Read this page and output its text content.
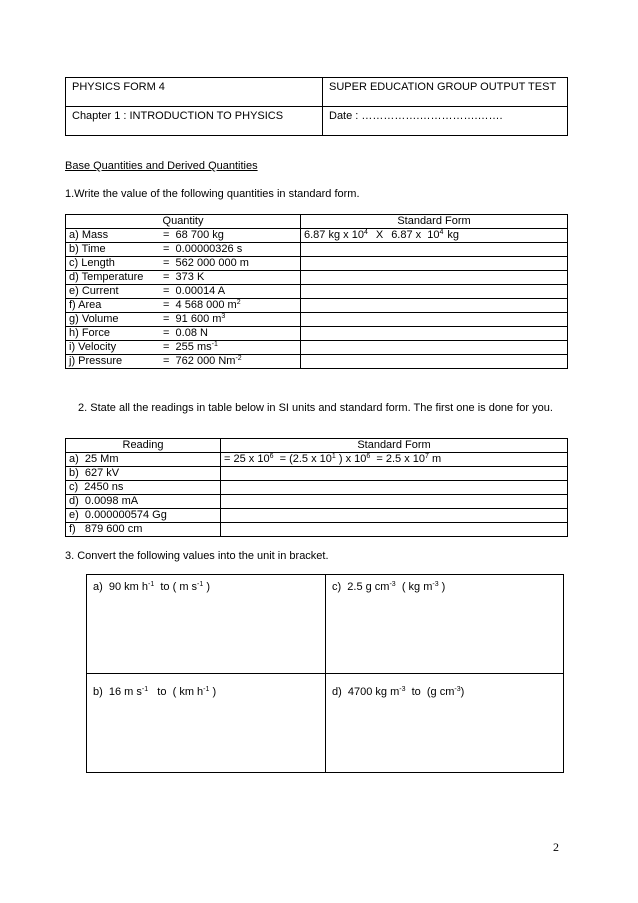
PHYSICS FORM 4	SUPER EDUCATION GROUP OUTPUT TEST
Chapter 1 : INTRODUCTION TO PHYSICS	Date : …………….…………….…….
Base Quantities and Derived Quantities
1.Write the value of the following quantities in standard form.
Quantity	Standard Form
a) Mass =  68 700 kg	6.87 kg x $10^4$ X 6.87 x  $10^4$ kg
b) Time =  0.00000326 s	
c) Length =  562 000 000 m	
d) Temperature =  373 K	
e) Current =  0.00014 A	
f) Area =  4 568 000 $m^2$	
g) Volume =  91 600 $m^3$	
h) Force =  0.08 N	
i) Velocity =  255 $ms^{-1}$	
j) Pressure =  762 000 $Nm^{-2}$	
2. State all the readings in table below in SI units and standard form. The first one is done for you.
Reading	Standard Form
a)  25 Mm	= 25 x $10^6 = (2.5$ x $10^1$ ) x $10^6 = 2.5$ x $10^7$ m
b)  627 kV	
c)  2450 ns	
d)  0.0098 mA	
e)  0.000000574 Gg	
f)   879 600 cm	
3. Convert the following values into the unit in bracket.
a)  90 km $h^{-1}$  to ( m $s^{-1}$ )	c)  2.5 g $cm^{-3}$  ( kg $m^{-3}$ )
b)  16 m $s^{-1}$   to  ( km $h^{-1}$ )	d)  4700 kg $m^{-3}$  to  (g $cm^{-3}$)
2
